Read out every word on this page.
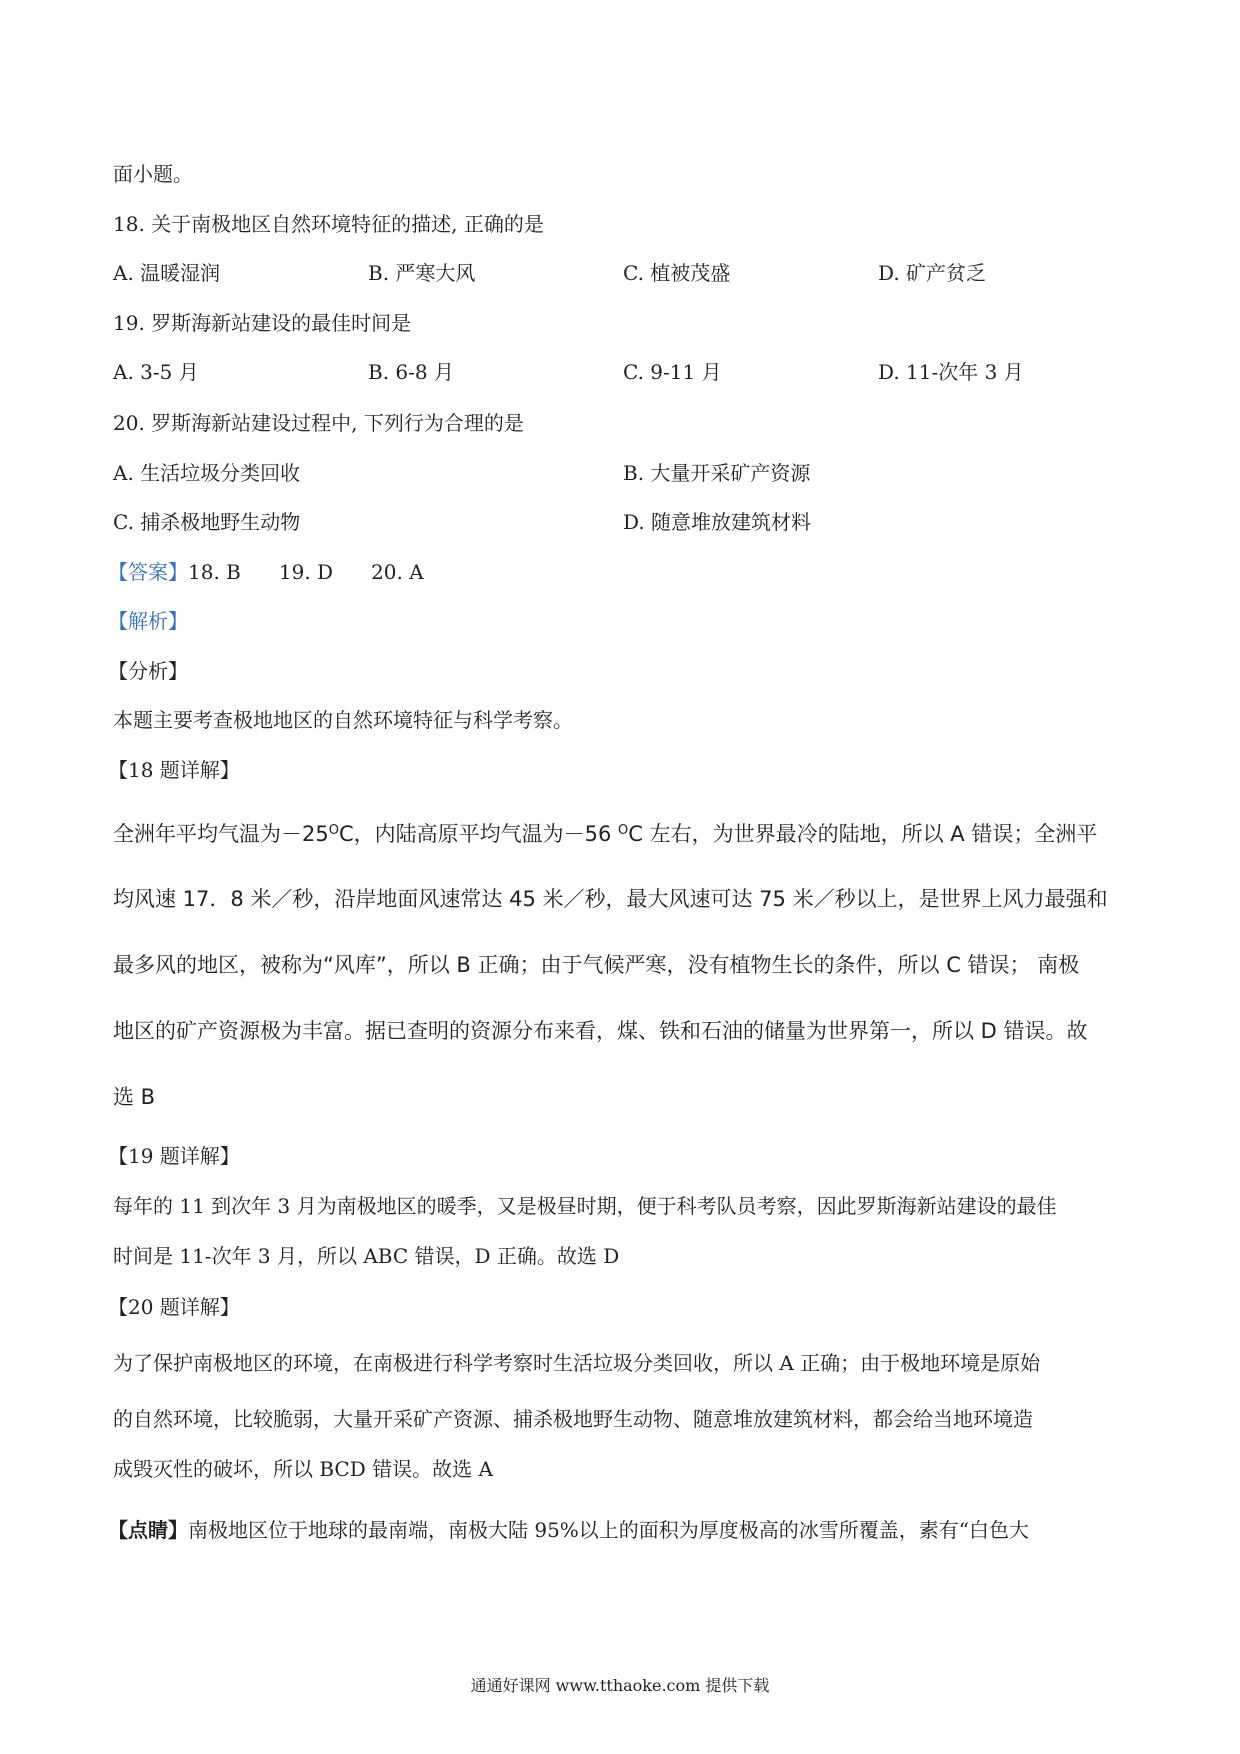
面小题。
18. 关于南极地区自然环境特征的描述, 正确的是
A. 温暖湿润	B. 严寒大风	C. 植被茂盛	D. 矿产贫乏
19. 罗斯海新站建设的最佳时间是
A. 3-5 月	B. 6-8 月	C. 9-11 月	D. 11-次年 3 月
20. 罗斯海新站建设过程中, 下列行为合理的是
A. 生活垃圾分类回收	B. 大量开采矿产资源
C. 捕杀极地野生动物	D. 随意堆放建筑材料
【答案】18. B 19. D 20. A
【解析】
【分析】
本题主要考查极地地区的自然环境特征与科学考察。
【18 题详解】
全洲年平均气温为$-25^OC$，内陆高原平均气温为－56 $^O$C 左右，为世界最冷的陆地，所以 A 错误；全洲平
均风速 17．8 米／秒，沿岸地面风速常达 45 米／秒，最大风速可达 75 米／秒以上，是世界上风力最强和
最多风的地区，被称为“风库”，所以 B 正确；由于气候严寒，没有植物生长的条件，所以 C 错误； 南极
地区的矿产资源极为丰富。据已查明的资源分布来看，煤、铁和石油的储量为世界第一，所以 D 错误。故
选 B
【19 题详解】
每年的 11 到次年 3 月为南极地区的暖季，又是极昼时期，便于科考队员考察，因此罗斯海新站建设的最佳
时间是 11-次年 3 月，所以 ABC 错误，D 正确。故选 D
【20 题详解】
为了保护南极地区的环境，在南极进行科学考察时生活垃圾分类回收，所以 A 正确；由于极地环境是原始
的自然环境，比较脆弱，大量开采矿产资源、捕杀极地野生动物、随意堆放建筑材料，都会给当地环境造
成毁灭性的破坏，所以 BCD 错误。故选 A
【点睛】南极地区位于地球的最南端，南极大陆 95%以上的面积为厚度极高的冰雪所覆盖，素有“白色大
通通好课网 www.tthaoke.com 提供下载
